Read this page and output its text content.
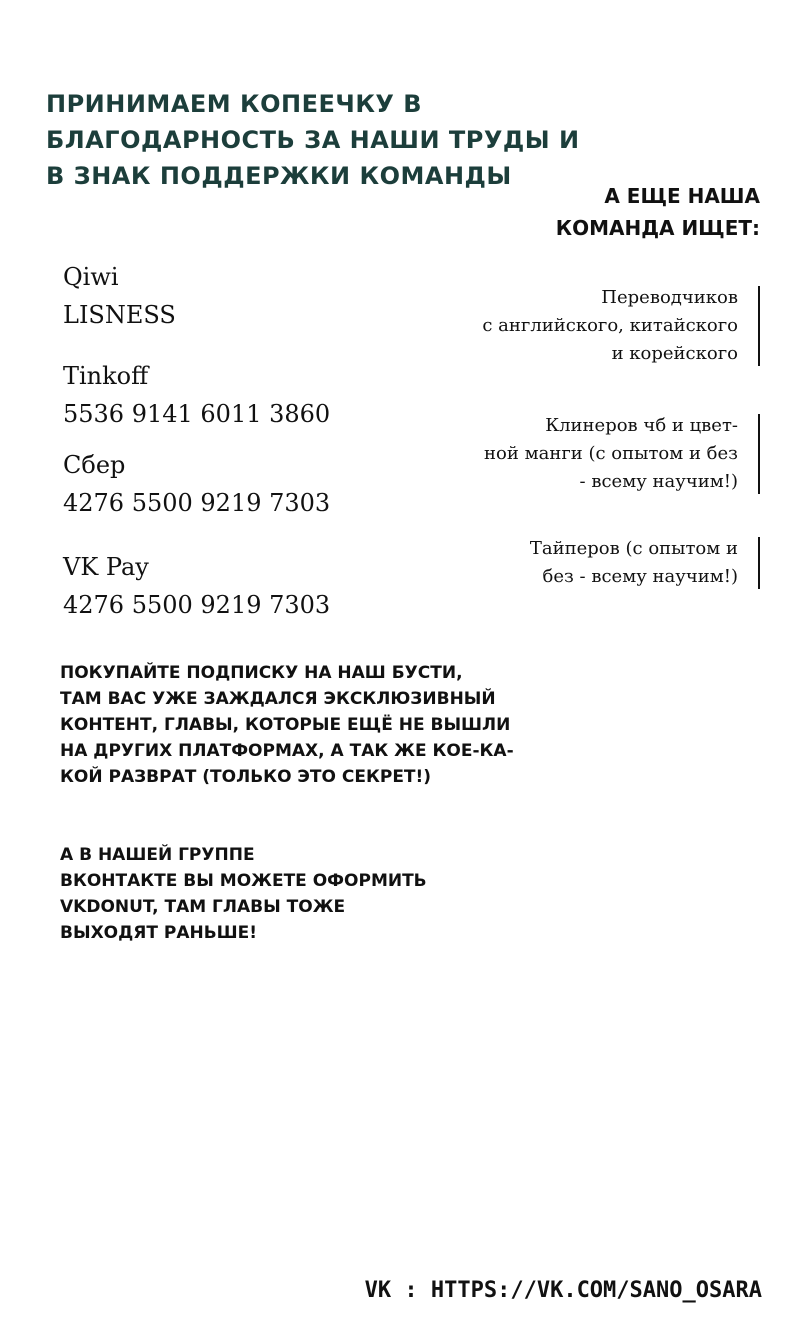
ПРИНИМАЕМ КОПЕЕЧКУ В
БЛАГОДАРНОСТЬ ЗА НАШИ ТРУДЫ И
В ЗНАК ПОДДЕРЖКИ КОМАНДЫ
А ЕЩЕ НАША
КОМАНДА ИЩЕТ:
Qiwi
LISNESS
Tinkoff
5536 9141 6011 3860
Сбер
4276 5500 9219 7303
VK Pay
4276 5500 9219 7303
Переводчиков
с английского, китайского
и корейского
Клинеров чб и цвет-
ной манги (с опытом и без
- всему научим!)
Тайперов (с опытом и
без - всему научим!)
ПОКУПАЙТЕ ПОДПИСКУ НА НАШ БУСТИ,
ТАМ ВАС УЖЕ ЗАЖДАЛСЯ ЭКСКЛЮЗИВНЫЙ
КОНТЕНТ, ГЛАВЫ, КОТОРЫЕ ЕЩЁ НЕ ВЫШЛИ
НА ДРУГИХ ПЛАТФОРМАХ, А ТАК ЖЕ КОЕ-КА-
КОЙ РАЗВРАТ (ТОЛЬКО ЭТО СЕКРЕТ!)
А В НАШЕЙ ГРУППЕ
ВКОНТАКТЕ ВЫ МОЖЕТЕ ОФОРМИТЬ
VKDONUT, ТАМ ГЛАВЫ ТОЖЕ
ВЫХОДЯТ РАНЬШЕ!
VK : HTTPS://VK.COM/SANO_OSARA
